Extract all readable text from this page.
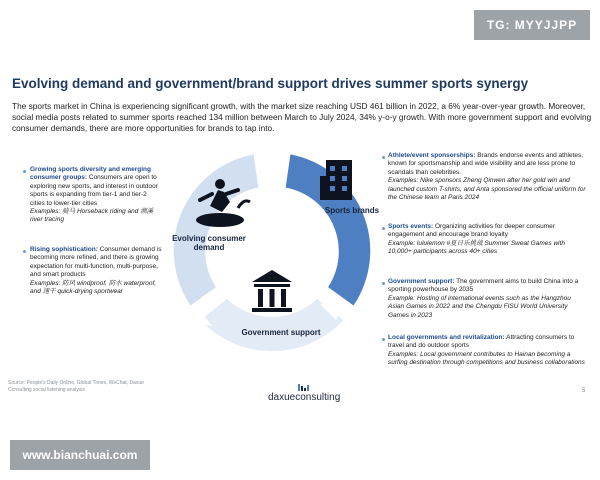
TG: MYYJJPP
Evolving demand and government/brand support drives summer sports synergy
The sports market in China is experiencing significant growth, with the market size reaching USD 461 billion in 2022, a 6% year-over-year growth. Moreover, social media posts related to summer sports reached 134 million between March to July 2024, 34% y-o-y growth. With more government support and evolving consumer demands, there are more opportunities for brands to tap into.
Growing sports diversity and emerging consumer groups: Consumers are open to exploring new sports, and interest in outdoor sports is expanding from tier-1 and tier-2 cities to lower-tier cities
Examples: 骑马 Horseback riding and 溯溪 river tracing
Rising sophistication: Consumer demand is becoming more refined, and there is growing expectation for multi-function, multi-purpose, and smart products
Examples: 防风 windproof, 防水 waterproof, and 速干 quick-drying sportwear
Athlete/event sponsorships: Brands endorse events and athletes, known for sportsmanship and wide visibility and are less prone to scandals than celebrities.
Examples: Nike sponsors Zheng Qinwen after her gold win and launched custom T-shirts, and Anta sponsored the official uniform for the Chinese team at Paris 2024
Sports events: Organizing activities for deeper consumer engagement and encourage brand loyalty
Example: lululemon #夏日乐挑战 Summer Sweat Games with 10,000+ participants across 40+ cities
Government support: The government aims to build China into a sporting powerhouse by 2035
Example: Hosting of international events such as the Hangzhou Asian Games in 2022 and the Chengdu FISU World University Games in 2023
Local governments and revitalization: Attracting consumers to travel and do outdoor sports
Examples: Local government contributes to Hainan becoming a surfing destination through competitions and business collaborations
Evolving consumer demand
Sports brands
Government support
Source: People's Daily Online, Global Times, WeChat, Daxue Consulting social listening analysis
daxueconsulting
5
www.bianchuai.com
